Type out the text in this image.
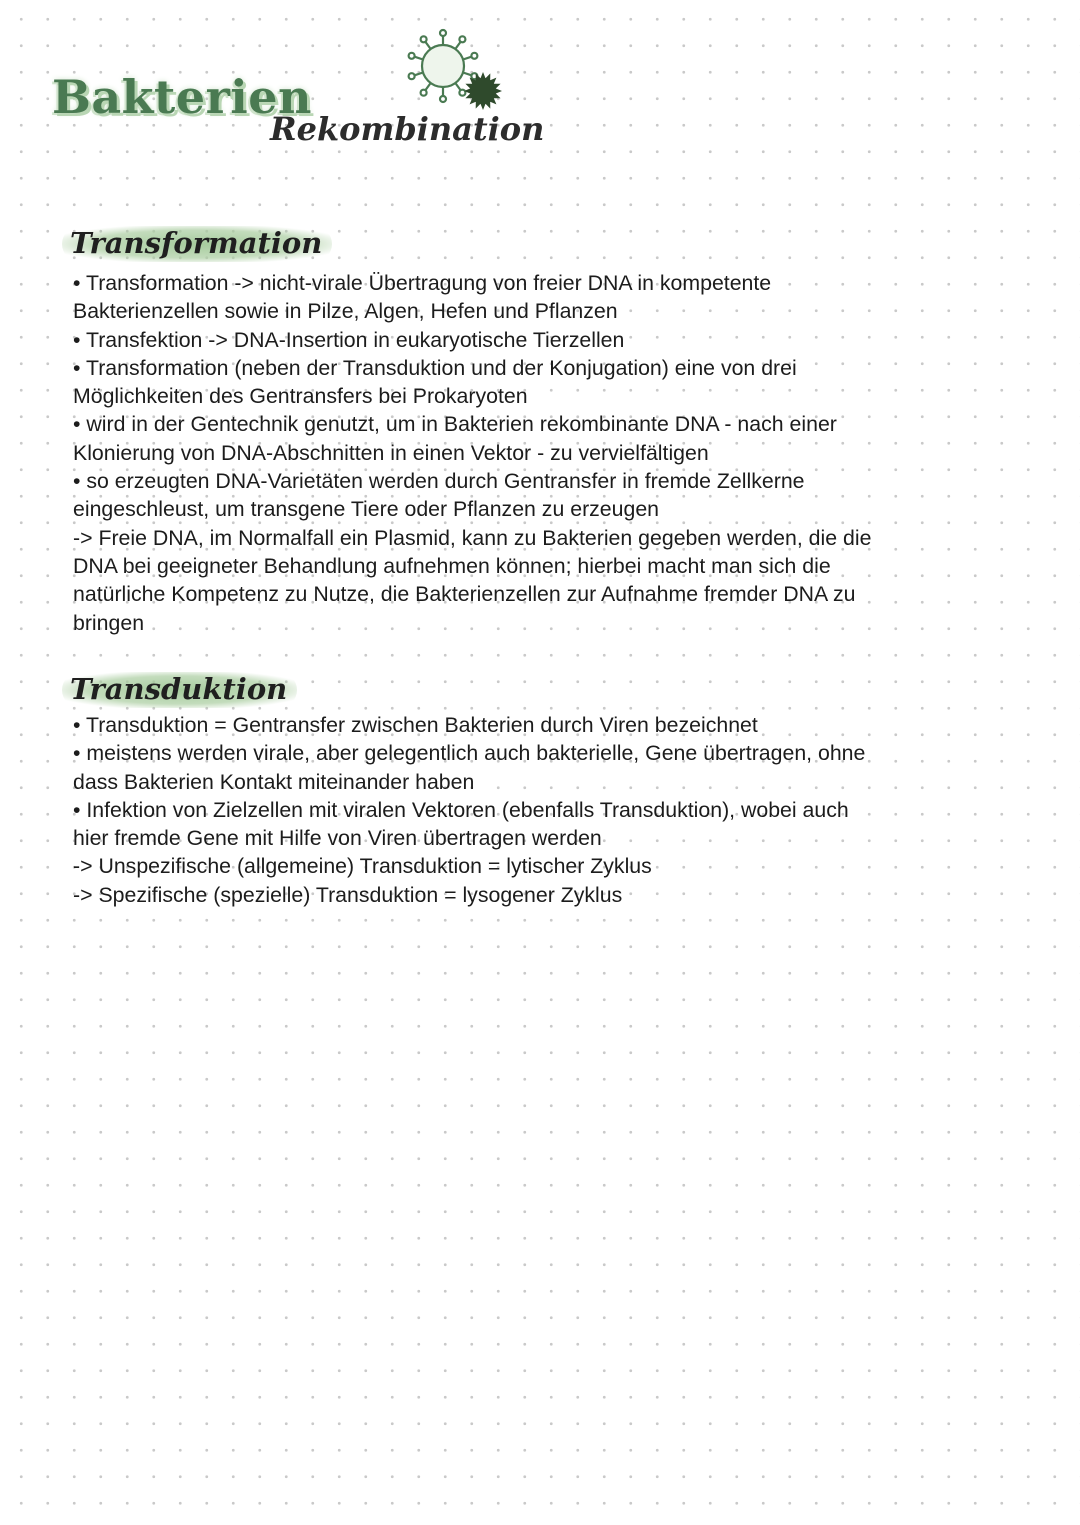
Bakterien
Rekombination
Transformation
• Transformation -> nicht-virale Übertragung von freier DNA in kompetente
Bakterienzellen sowie in Pilze, Algen, Hefen und Pflanzen
• Transfektion -> DNA-Insertion in eukaryotische Tierzellen
• Transformation (neben der Transduktion und der Konjugation) eine von drei
Möglichkeiten des Gentransfers bei Prokaryoten
• wird in der Gentechnik genutzt, um in Bakterien rekombinante DNA - nach einer
Klonierung von DNA-Abschnitten in einen Vektor - zu vervielfältigen
• so erzeugten DNA-Varietäten werden durch Gentransfer in fremde Zellkerne
eingeschleust, um transgene Tiere oder Pflanzen zu erzeugen
-> Freie DNA, im Normalfall ein Plasmid, kann zu Bakterien gegeben werden, die die
DNA bei geeigneter Behandlung aufnehmen können; hierbei macht man sich die
natürliche Kompetenz zu Nutze, die Bakterienzellen zur Aufnahme fremder DNA zu
bringen
Transduktion
• Transduktion = Gentransfer zwischen Bakterien durch Viren bezeichnet
• meistens werden virale, aber gelegentlich auch bakterielle, Gene übertragen, ohne
dass Bakterien Kontakt miteinander haben
• Infektion von Zielzellen mit viralen Vektoren (ebenfalls Transduktion), wobei auch
hier fremde Gene mit Hilfe von Viren übertragen werden
-> Unspezifische (allgemeine) Transduktion = lytischer Zyklus
-> Spezifische (spezielle) Transduktion = lysogener Zyklus
